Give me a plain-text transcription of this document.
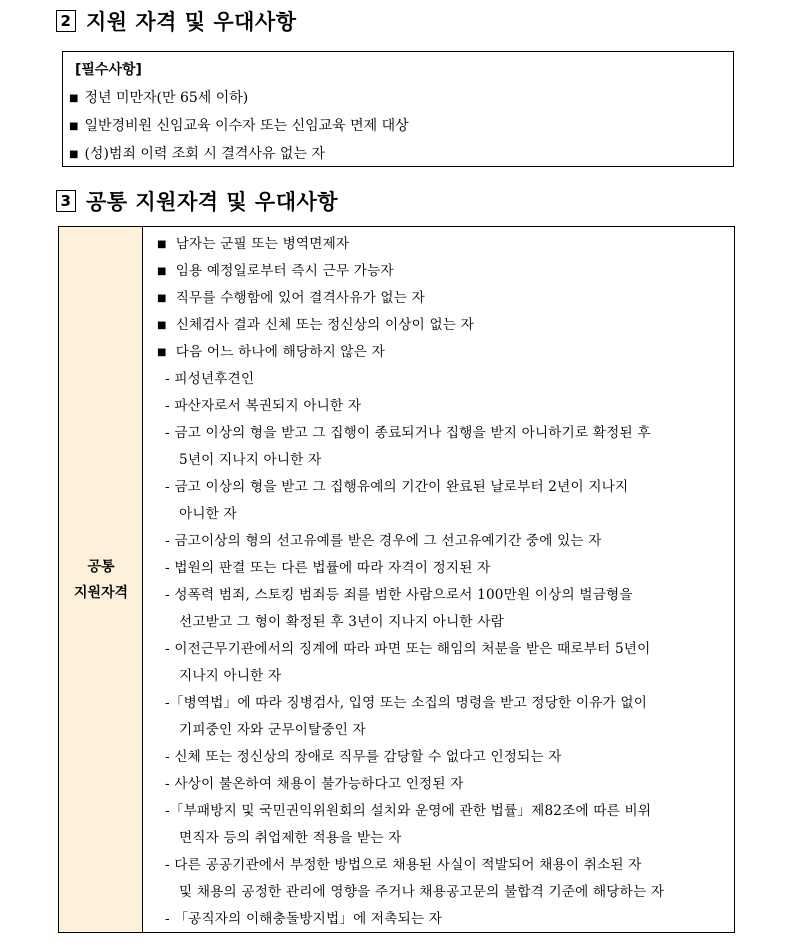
2 지원 자격 및 우대사항
[필수사항]
■ 정년 미만자(만 65세 이하)
■ 일반경비원 신임교육 이수자 또는 신임교육 면제 대상
■ (성)범죄 이력 조회 시 결격사유 없는 자
3 공통 지원자격 및 우대사항
공통
지원자격
■ 남자는 군필 또는 병역면제자
■ 임용 예정일로부터 즉시 근무 가능자
■ 직무를 수행함에 있어 결격사유가 없는 자
■ 신체검사 결과 신체 또는 정신상의 이상이 없는 자
■ 다음 어느 하나에 해당하지 않은 자
- 피성년후견인
- 파산자로서 복권되지 아니한 자
- 금고 이상의 형을 받고 그 집행이 종료되거나 집행을 받지 아니하기로 확정된 후
5년이 지나지 아니한 자
- 금고 이상의 형을 받고 그 집행유예의 기간이 완료된 날로부터 2년이 지나지
아니한 자
- 금고이상의 형의 선고유예를 받은 경우에 그 선고유예기간 중에 있는 자
- 법원의 판결 또는 다른 법률에 따라 자격이 정지된 자
- 성폭력 범죄, 스토킹 범죄등 죄를 범한 사람으로서 100만원 이상의 벌금형을
선고받고 그 형이 확정된 후 3년이 지나지 아니한 사람
- 이전근무기관에서의 징계에 따라 파면 또는 해임의 처분을 받은 때로부터 5년이
지나지 아니한 자
-「병역법」에 따라 징병검사, 입영 또는 소집의 명령을 받고 정당한 이유가 없이
기피중인 자와 군무이탈중인 자
- 신체 또는 정신상의 장애로 직무를 감당할 수 없다고 인정되는 자
- 사상이 불온하여 채용이 불가능하다고 인정된 자
-「부패방지 및 국민권익위원회의 설치와 운영에 관한 법률」제82조에 따른 비위
면직자 등의 취업제한 적용을 받는 자
- 다른 공공기관에서 부정한 방법으로 채용된 사실이 적발되어 채용이 취소된 자
및 채용의 공정한 관리에 영향을 주거나 채용공고문의 불합격 기준에 해당하는 자
- 「공직자의 이해충돌방지법」에 저촉되는 자
